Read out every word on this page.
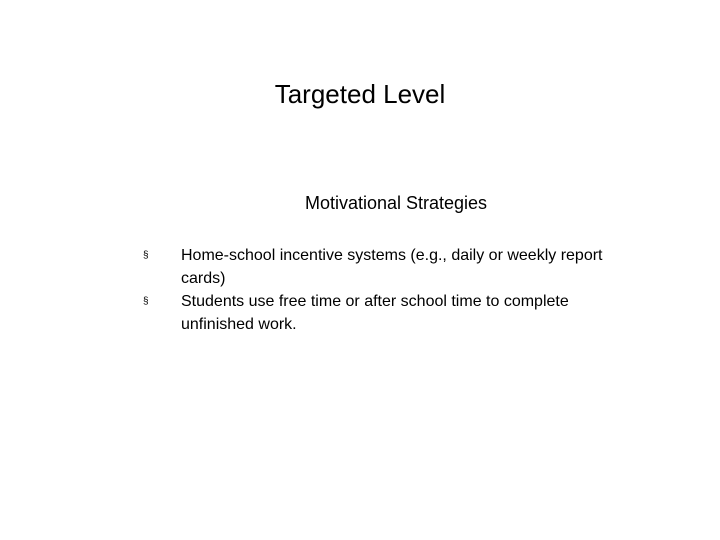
Targeted Level

Motivational Strategies

§ Home-school incentive systems (e.g., daily or weekly report cards)
§ Students use free time or after school time to complete unfinished work.
